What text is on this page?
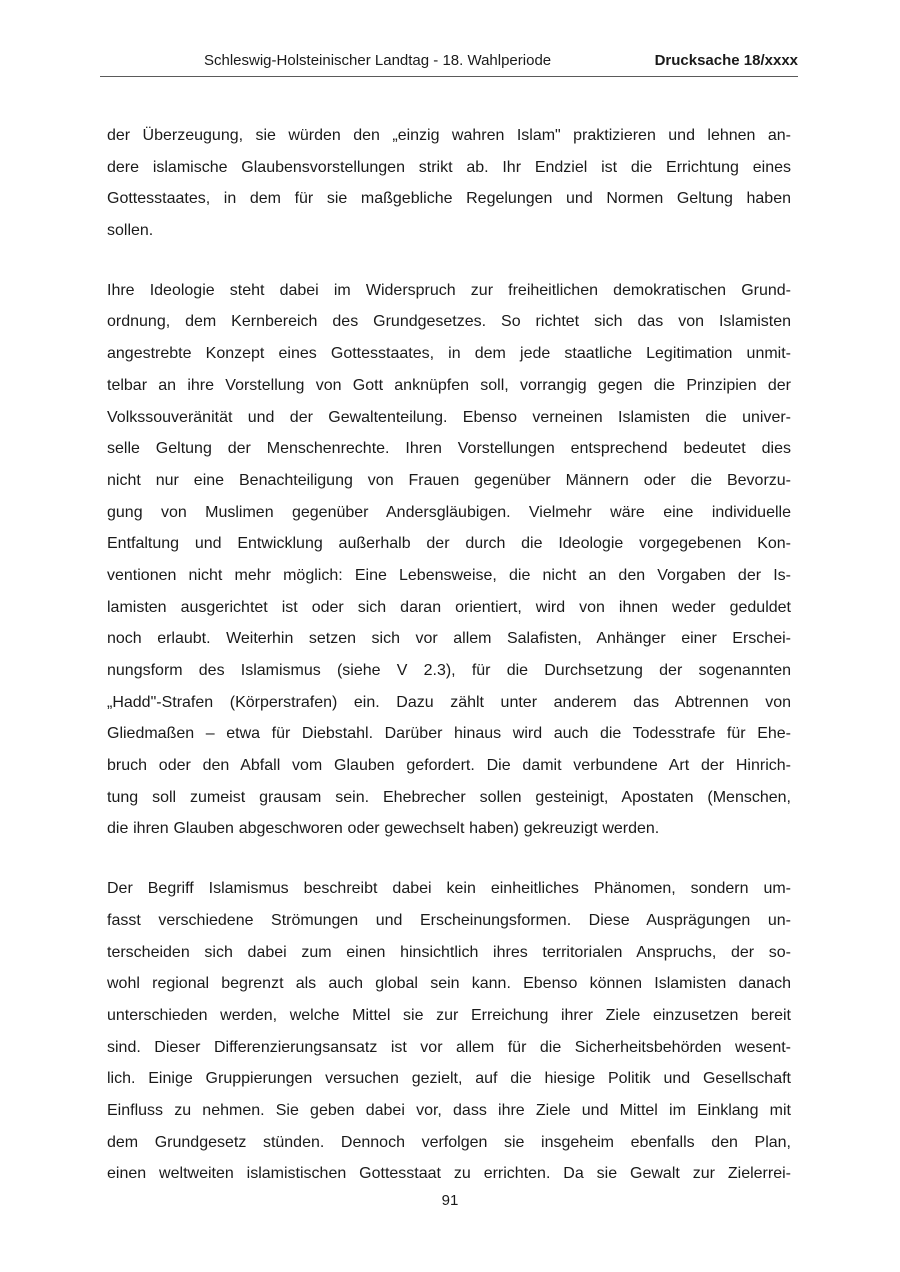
Schleswig-Holsteinischer Landtag - 18. Wahlperiode	Drucksache 18/xxxx
der Überzeugung, sie würden den „einzig wahren Islam" praktizieren und lehnen an-
dere islamische Glaubensvorstellungen strikt ab. Ihr Endziel ist die Errichtung eines
Gottesstaates, in dem für sie maßgebliche Regelungen und Normen Geltung haben
sollen.
Ihre Ideologie steht dabei im Widerspruch zur freiheitlichen demokratischen Grund-
ordnung, dem Kernbereich des Grundgesetzes. So richtet sich das von Islamisten
angestrebte Konzept eines Gottesstaates, in dem jede staatliche Legitimation unmit-
telbar an ihre Vorstellung von Gott anknüpfen soll, vorrangig gegen die Prinzipien der
Volkssouveränität und der Gewaltenteilung. Ebenso verneinen Islamisten die univer-
selle Geltung der Menschenrechte. Ihren Vorstellungen entsprechend bedeutet dies
nicht nur eine Benachteiligung von Frauen gegenüber Männern oder die Bevorzu-
gung von Muslimen gegenüber Andersgläubigen. Vielmehr wäre eine individuelle
Entfaltung und Entwicklung außerhalb der durch die Ideologie vorgegebenen Kon-
ventionen nicht mehr möglich: Eine Lebensweise, die nicht an den Vorgaben der Is-
lamisten ausgerichtet ist oder sich daran orientiert, wird von ihnen weder geduldet
noch erlaubt. Weiterhin setzen sich vor allem Salafisten, Anhänger einer Erschei-
nungsform des Islamismus (siehe V 2.3), für die Durchsetzung der sogenannten
„Hadd"-Strafen (Körperstrafen) ein. Dazu zählt unter anderem das Abtrennen von
Gliedmaßen – etwa für Diebstahl. Darüber hinaus wird auch die Todesstrafe für Ehe-
bruch oder den Abfall vom Glauben gefordert. Die damit verbundene Art der Hinrich-
tung soll zumeist grausam sein. Ehebrecher sollen gesteinigt, Apostaten (Menschen,
die ihren Glauben abgeschworen oder gewechselt haben) gekreuzigt werden.
Der Begriff Islamismus beschreibt dabei kein einheitliches Phänomen, sondern um-
fasst verschiedene Strömungen und Erscheinungsformen. Diese Ausprägungen un-
terscheiden sich dabei zum einen hinsichtlich ihres territorialen Anspruchs, der so-
wohl regional begrenzt als auch global sein kann. Ebenso können Islamisten danach
unterschieden werden, welche Mittel sie zur Erreichung ihrer Ziele einzusetzen bereit
sind. Dieser Differenzierungsansatz ist vor allem für die Sicherheitsbehörden wesent-
lich. Einige Gruppierungen versuchen gezielt, auf die hiesige Politik und Gesellschaft
Einfluss zu nehmen. Sie geben dabei vor, dass ihre Ziele und Mittel im Einklang mit
dem Grundgesetz stünden. Dennoch verfolgen sie insgeheim ebenfalls den Plan,
einen weltweiten islamistischen Gottesstaat zu errichten. Da sie Gewalt zur Zielerrei-
91
